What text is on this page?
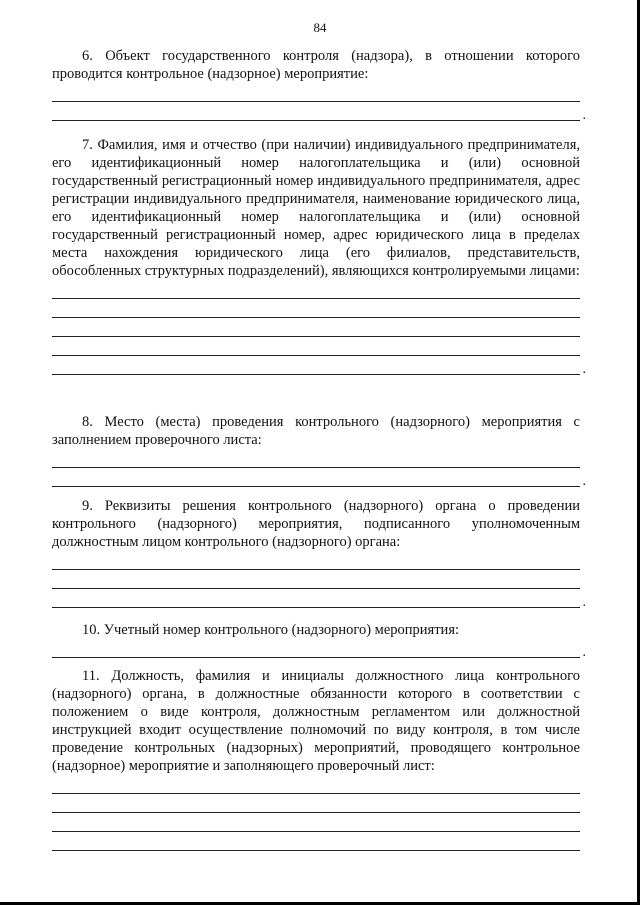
84

6. Объект государственного контроля (надзора), в отношении которого проводится контрольное (надзорное) мероприятие:

.

7. Фамилия, имя и отчество (при наличии) индивидуального предпринимателя, его идентификационный номер налогоплательщика и (или) основной государственный регистрационный номер индивидуального предпринимателя, адрес регистрации индивидуального предпринимателя, наименование юридического лица, его идентификационный номер налогоплательщика и (или) основной государственный регистрационный номер, адрес юридического лица в пределах места нахождения юридического лица (его филиалов, представительств, обособленных структурных подразделений), являющихся контролируемыми лицами:

.

8. Место (места) проведения контрольного (надзорного) мероприятия с заполнением проверочного листа:

.

9. Реквизиты решения контрольного (надзорного) органа о проведении контрольного (надзорного) мероприятия, подписанного уполномоченным должностным лицом контрольного (надзорного) органа:

.

10. Учетный номер контрольного (надзорного) мероприятия:

.

11. Должность, фамилия и инициалы должностного лица контрольного (надзорного) органа, в должностные обязанности которого в соответствии с положением о виде контроля, должностным регламентом или должностной инструкцией входит осуществление полномочий по виду контроля, в том числе проведение контрольных (надзорных) мероприятий, проводящего контрольное (надзорное) мероприятие и заполняющего проверочный лист:
